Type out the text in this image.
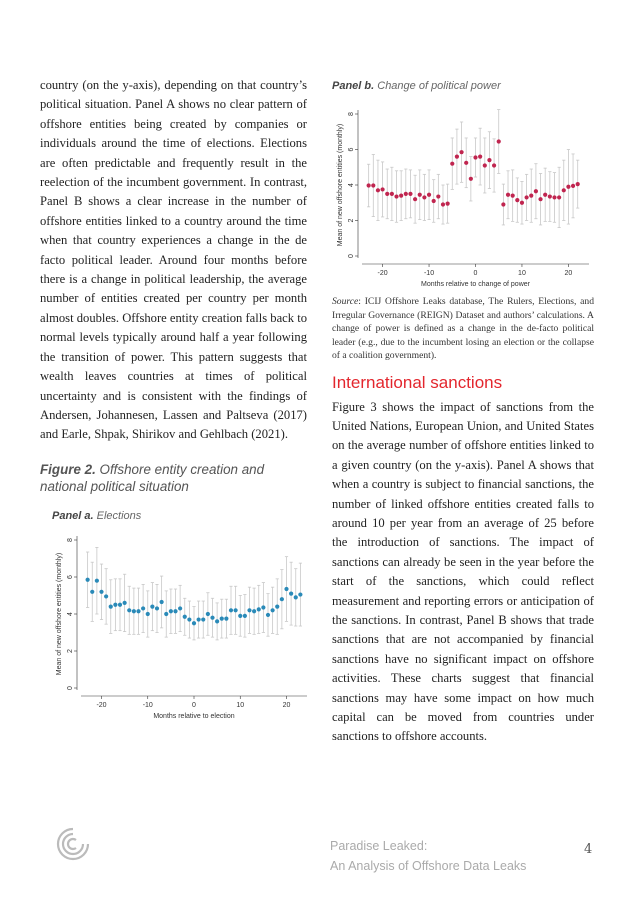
country (on the y-axis), depending on that country’s political situation. Panel A shows no clear pattern of offshore entities being created by companies or individuals around the time of elections. Elections are often predictable and frequently result in the reelection of the incumbent government. In contrast, Panel B shows a clear increase in the number of offshore entities linked to a country around the time when that country experiences a change in the de facto political leader. Around four months before there is a change in political leadership, the average number of entities created per country per month almost doubles. Offshore entity creation falls back to normal levels typically around half a year following the transition of power. This pattern suggests that wealth leaves countries at times of political uncertainty and is consistent with the findings of Andersen, Johannesen, Lassen and Paltseva (2017) and Earle, Shpak, Shirikov and Gehlbach (2021).

Figure 2. Offshore entity creation and national political situation

Panel a. Elections
0
2
4
6
8
-20	-10	0	10	20
Months relative to election
Mean of new offshore entities (monthly)
Panel b. Change of political power
0
2
4
6
8
-20	-10	0	10	20
Months relative to change of power
Mean of new offshore entities (monthly)

Source: ICIJ Offshore Leaks database, The Rulers, Elections, and Irregular Governance (REIGN) Dataset and authors’ calculations. A change of power is defined as a change in the de-facto political leader (e.g., due to the incumbent losing an election or the collapse of a coalition government).

International sanctions

Figure 3 shows the impact of sanctions from the United Nations, European Union, and United States on the average number of offshore entities linked to a given country (on the y-axis). Panel A shows that when a country is subject to financial sanctions, the number of linked offshore entities created falls to around 10 per year from an average of 25 before the introduction of sanctions. The impact of sanctions can already be seen in the year before the start of the sanctions, which could reflect measurement and reporting errors or anticipation of the sanctions. In contrast, Panel B shows that trade sanctions that are not accompanied by financial sanctions have no significant impact on offshore activities. These charts suggest that financial sanctions may have some impact on how much capital can be moved from countries under sanctions to offshore accounts.

Paradise Leaked:
An Analysis of Offshore Data Leaks
4
